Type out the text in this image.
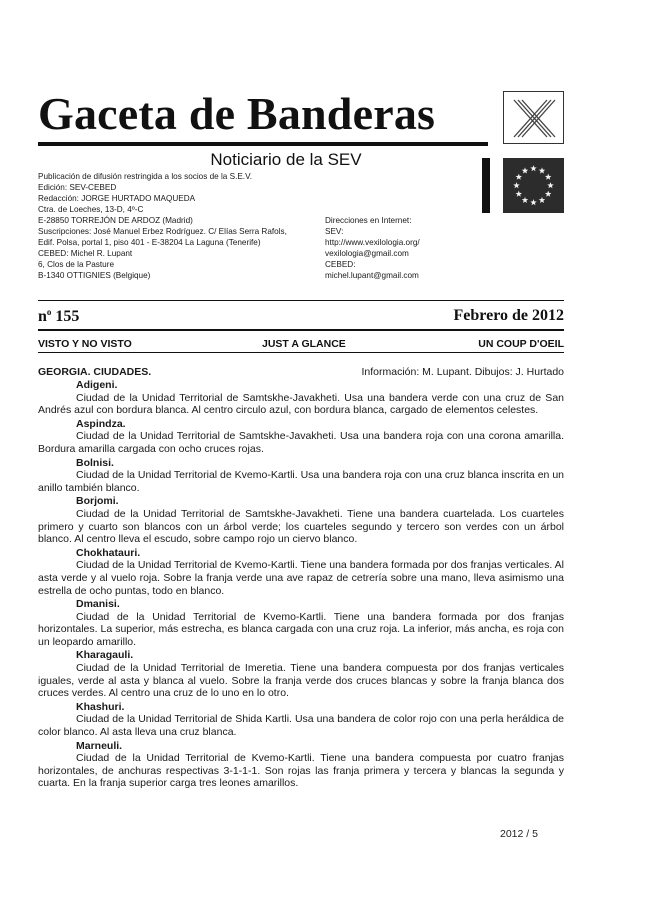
Gaceta de Banderas
Noticiario de la SEV
Publicación de difusión restringida a los socios de la S.E.V.
Edición: SEV-CEBED
Redacción: JORGE HURTADO MAQUEDA
Ctra. de Loeches, 13-D, 4º-C
E-28850 TORREJÓN DE ARDOZ (Madrid)
Suscripciones: José Manuel Erbez Rodríguez. C/ Elías Serra Rafols, Edif. Polsa, portal 1, piso 401 - E-38204 La Laguna (Tenerife)
CEBED: Michel R. Lupant
6, Clos de la Pasture
B-1340 OTTIGNIES (Belgique)
Direcciones en Internet:
SEV:
http://www.vexilologia.org/
vexilologia@gmail.com
CEBED:
michel.lupant@gmail.com
$n^o$ 155	Febrero de 2012
VISTO Y NO VISTO	JUST A GLANCE	UN COUP D'OEIL
GEORGIA. CIUDADES.	Información: M. Lupant. Dibujos: J. Hurtado
Adigeni.

Ciudad de la Unidad Territorial de Samtskhe-Javakheti. Usa una bandera verde con una cruz de San Andrés azul con bordura blanca. Al centro circulo azul, con bordura blanca, cargado de elementos celestes.

Aspindza.

Ciudad de la Unidad Territorial de Samtskhe-Javakheti. Usa una bandera roja con una corona amarilla. Bordura amarilla cargada con ocho cruces rojas.

Bolnisi.

Ciudad de la Unidad Territorial de Kvemo-Kartli. Usa una bandera roja con una cruz blanca inscrita en un anillo también blanco.

Borjomi.

Ciudad de la Unidad Territorial de Samtskhe-Javakheti. Tiene una bandera cuartelada. Los cuarteles primero y cuarto son blancos con un árbol verde; los cuarteles segundo y tercero son verdes con un árbol blanco. Al centro lleva el escudo, sobre campo rojo un ciervo blanco.

Chokhatauri.

Ciudad de la Unidad Territorial de Kvemo-Kartli. Tiene una bandera formada por dos franjas verticales. Al asta verde y al vuelo roja. Sobre la franja verde una ave rapaz de cetrería sobre una mano, lleva asimismo una estrella de ocho puntas, todo en blanco.

Dmanisi.

Ciudad de la Unidad Territorial de Kvemo-Kartli. Tiene una bandera formada por dos franjas horizontales. La superior, más estrecha, es blanca cargada con una cruz roja. La inferior, más ancha, es roja con un leopardo amarillo.

Kharagauli.

Ciudad de la Unidad Territorial de Imeretia. Tiene una bandera compuesta por dos franjas verticales iguales, verde al asta y blanca al vuelo. Sobre la franja verde dos cruces blancas y sobre la franja blanca dos cruces verdes. Al centro una cruz de lo uno en lo otro.

Khashuri.

Ciudad de la Unidad Territorial de Shida Kartli. Usa una bandera de color rojo con una perla heráldica de color blanco. Al asta lleva una cruz blanca.

Marneuli.

Ciudad de la Unidad Territorial de Kvemo-Kartli. Tiene una bandera compuesta por cuatro franjas horizontales, de anchuras respectivas 3-1-1-1. Son rojas las franja primera y tercera y blancas la segunda y cuarta. En la franja superior carga tres leones amarillos.

2012 / 5
